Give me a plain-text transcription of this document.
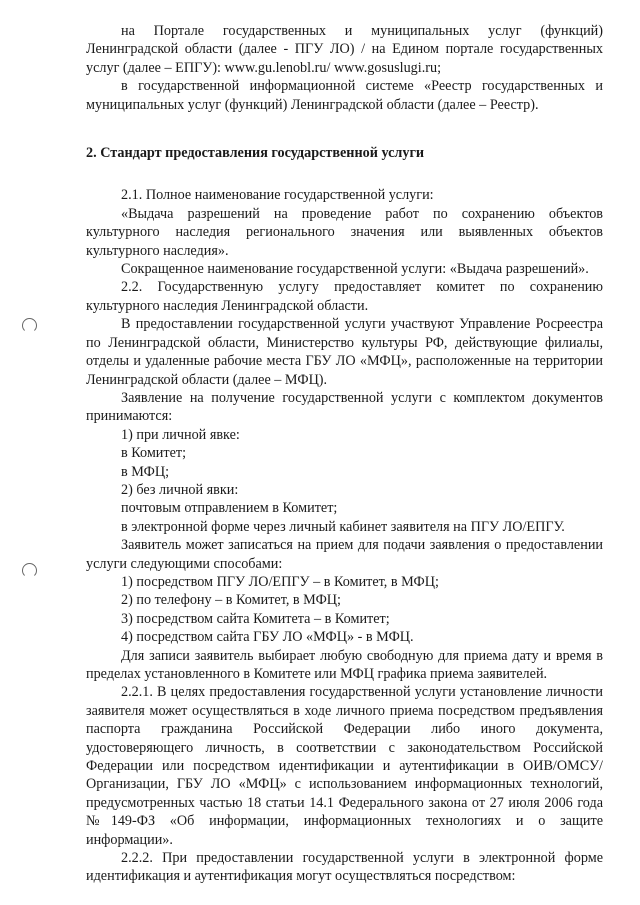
на Порталe государственных и муниципальных услуг (функций) Ленинградской области (далее - ПГУ ЛО) / на Едином портале государственных услуг (далее – ЕПГУ): www.gu.lenobl.ru/ www.gosuslugi.ru;

в государственной информационной системе «Реестр государственных и муниципальных услуг (функций) Ленинградской области (далее – Реестр).

2. Стандарт предоставления государственной услуги

2.1. Полное наименование государственной услуги:

«Выдача разрешений на проведение работ по сохранению объектов культурного наследия регионального значения или выявленных объектов культурного наследия».

Сокращенное наименование государственной услуги: «Выдача разрешений».

2.2. Государственную услугу предоставляет комитет по сохранению культурного наследия Ленинградской области.

В предоставлении государственной услуги участвуют Управление Росреестра по Ленинградской области, Министерство культуры РФ, действующие филиалы, отделы и удаленные рабочие места ГБУ ЛО «МФЦ», расположенные на территории Ленинградской области (далее – МФЦ).

Заявление на получение государственной услуги с комплектом документов принимаются:

1) при личной явке:

в Комитет;

в МФЦ;

2) без личной явки:

почтовым отправлением в Комитет;

в электронной форме через личный кабинет заявителя на ПГУ ЛО/ЕПГУ.

Заявитель может записаться на прием для подачи заявления о предоставлении услуги следующими способами:

1) посредством ПГУ ЛО/ЕПГУ – в Комитет, в МФЦ;

2) по телефону – в Комитет, в МФЦ;

3) посредством сайта Комитета – в Комитет;

4) посредством сайта ГБУ ЛО «МФЦ» - в МФЦ.

Для записи заявитель выбирает любую свободную для приема дату и время в пределах установленного в Комитете или МФЦ графика приема заявителей.

2.2.1. В целях предоставления государственной услуги установление личности заявителя может осуществляться в ходе личного приема посредством предъявления паспорта гражданина Российской Федерации либо иного документа, удостоверяющего личность, в соответствии с законодательством Российской Федерации или посредством идентификации и аутентификации в ОИВ/ОМСУ/Организации, ГБУ ЛО «МФЦ» с использованием информационных технологий, предусмотренных частью 18 статьи 14.1 Федерального закона от 27 июля 2006 года №149-ФЗ «Об информации, информационных технологиях и о защите информации».

2.2.2. При предоставлении государственной услуги в электронной форме идентификация и аутентификация могут осуществляться посредством:
